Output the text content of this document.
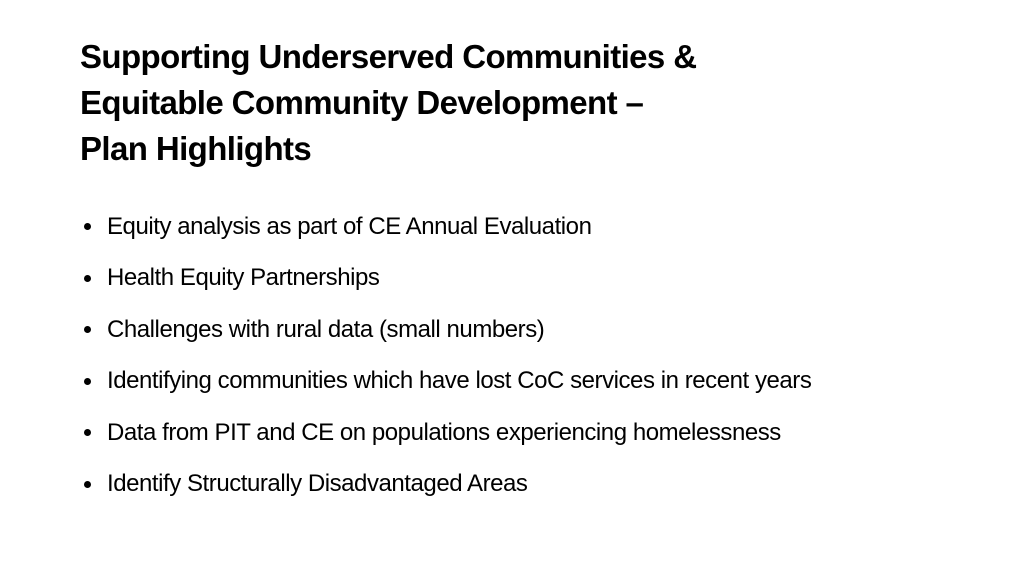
Supporting Underserved Communities &
Equitable Community Development –
Plan Highlights
Equity analysis as part of CE Annual Evaluation
Health Equity Partnerships
Challenges with rural data (small numbers)
Identifying communities which have lost CoC services in recent years
Data from PIT and CE on populations experiencing homelessness
Identify Structurally Disadvantaged Areas
